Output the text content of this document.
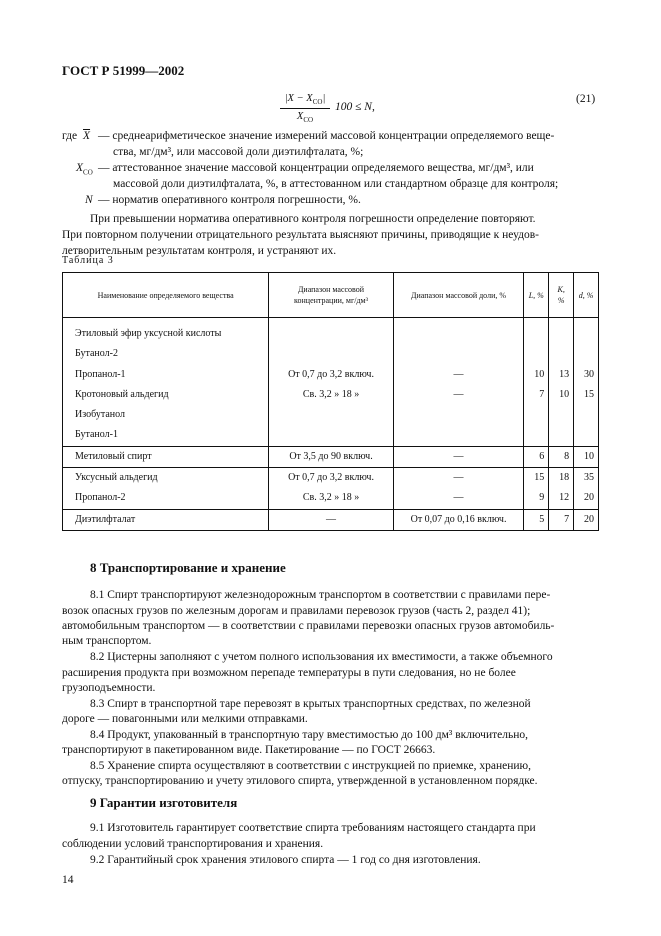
ГОСТ Р 51999—2002
$|X - X_{СО}|$
$X_{СО}$
100 ≤ N,
(21)
где $\overline{X}$ — среднеарифметическое значение измерений массовой концентрации определяемого веще-
ства, мг/дм³, или массовой доли диэтилфталата, %;
$X_{СО}$ — аттестованное значение массовой концентрации определяемого вещества, мг/дм³, или
массовой доли диэтилфталата, %, в аттестованном или стандартном образце для контроля;
N — норматив оперативного контроля погрешности, %.
При превышении норматива оперативного контроля погрешности определение повторяют.
При повторном получении отрицательного результата выясняют причины, приводящие к неудов-
летворительным результатам контроля, и устраняют их.
Таблица 3
Наименование определяемого вещества	Диапазон массовой концентрации, мг/дм³	Диапазон массовой доли, %	L, %	K, %	d, %
Этиловый эфир уксусной кислоты					
Бутанол-2					
Пропанол-1	От 0,7 до 3,2 включ.	—	10	13	30
Кротоновый альдегид	Св. 3,2 » 18 »	—	7	10	15
Изобутанол					
Бутанол-1					
Метиловый спирт	От 3,5 до 90 включ.	—	6	8	10
Уксусный альдегид	От 0,7 до 3,2 включ.	—	15	18	35
Пропанол-2	Св. 3,2 » 18 »	—	9	12	20
Диэтилфталат	—	От 0,07 до 0,16 включ.	5	7	20
8 Транспортирование и хранение
8.1 Спирт транспортируют железнодорожным транспортом в соответствии с правилами пере-
возок опасных грузов по железным дорогам и правилами перевозок грузов (часть 2, раздел 41);
автомобильным транспортом — в соответствии с правилами перевозки опасных грузов автомобиль-
ным транспортом.
8.2 Цистерны заполняют с учетом полного использования их вместимости, а также объемного
расширения продукта при возможном перепаде температуры в пути следования, но не более
грузоподъемности.
8.3 Спирт в транспортной таре перевозят в крытых транспортных средствах, по железной
дороге — повагонными или мелкими отправками.
8.4 Продукт, упакованный в транспортную тару вместимостью до 100 дм³ включительно,
транспортируют в пакетированном виде. Пакетирование — по ГОСТ 26663.
8.5 Хранение спирта осуществляют в соответствии с инструкцией по приемке, хранению,
отпуску, транспортированию и учету этилового спирта, утвержденной в установленном порядке.
9 Гарантии изготовителя
9.1 Изготовитель гарантирует соответствие спирта требованиям настоящего стандарта при
соблюдении условий транспортирования и хранения.
9.2 Гарантийный срок хранения этилового спирта — 1 год со дня изготовления.
14
